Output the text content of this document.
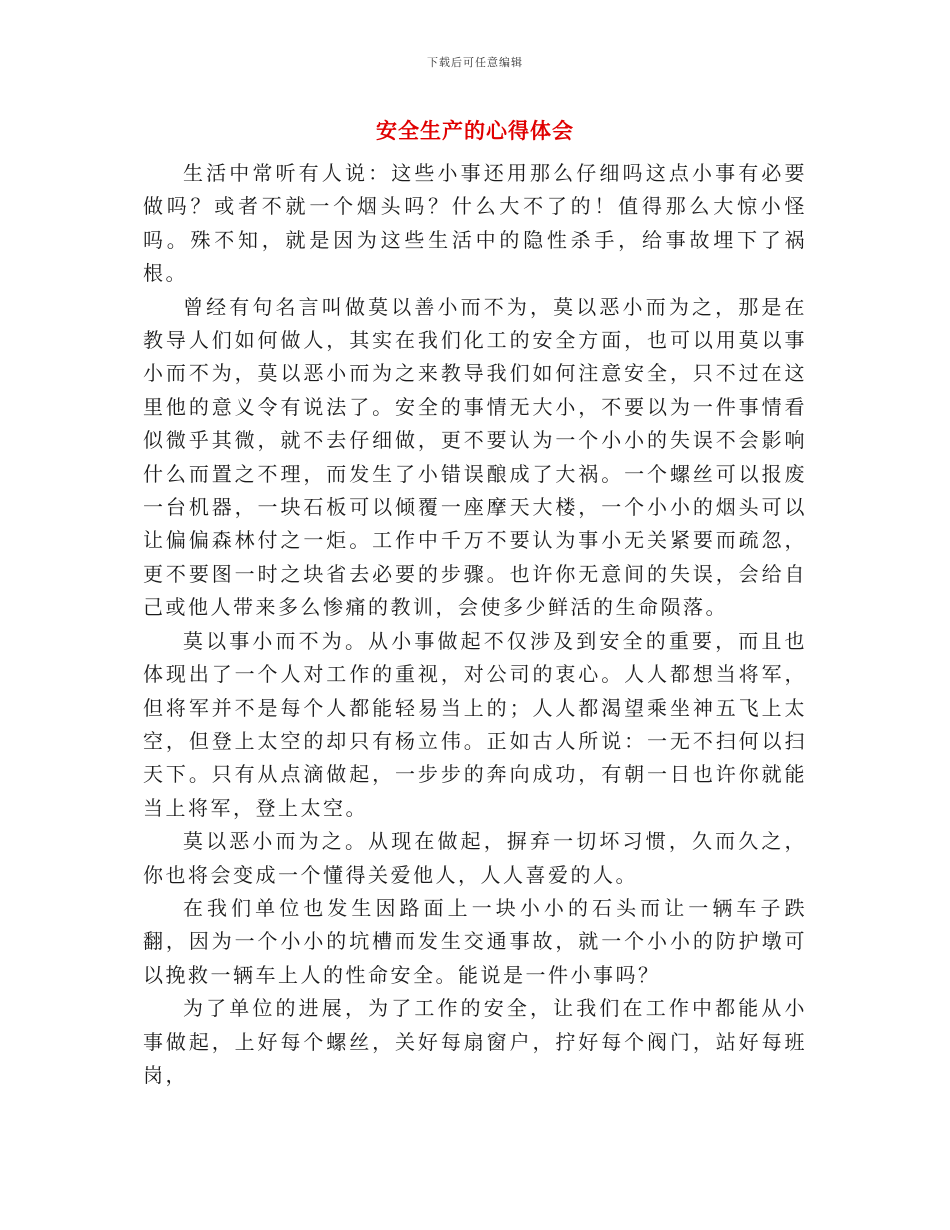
下载后可任意编辑
安全生产的心得体会

生活中常听有人说：这些小事还用那么仔细吗这点小事有必要做吗？或者不就一个烟头吗？什么大不了的！值得那么大惊小怪吗。殊不知，就是因为这些生活中的隐性杀手，给事故埋下了祸根。

曾经有句名言叫做莫以善小而不为，莫以恶小而为之，那是在教导人们如何做人，其实在我们化工的安全方面，也可以用莫以事小而不为，莫以恶小而为之来教导我们如何注意安全，只不过在这里他的意义令有说法了。安全的事情无大小，不要以为一件事情看似微乎其微，就不去仔细做，更不要认为一个小小的失误不会影响什么而置之不理，而发生了小错误酿成了大祸。一个螺丝可以报废一台机器，一块石板可以倾覆一座摩天大楼，一个小小的烟头可以让偏偏森林付之一炬。工作中千万不要认为事小无关紧要而疏忽，更不要图一时之块省去必要的步骤。也许你无意间的失误，会给自己或他人带来多么惨痛的教训，会使多少鲜活的生命陨落。

莫以事小而不为。从小事做起不仅涉及到安全的重要，而且也体现出了一个人对工作的重视，对公司的衷心。人人都想当将军，但将军并不是每个人都能轻易当上的；人人都渴望乘坐神五飞上太空，但登上太空的却只有杨立伟。正如古人所说：一无不扫何以扫天下。只有从点滴做起，一步步的奔向成功，有朝一日也许你就能当上将军，登上太空。

莫以恶小而为之。从现在做起，摒弃一切坏习惯，久而久之，你也将会变成一个懂得关爱他人，人人喜爱的人。

在我们单位也发生因路面上一块小小的石头而让一辆车子跌翻，因为一个小小的坑槽而发生交通事故，就一个小小的防护墩可以挽救一辆车上人的性命安全。能说是一件小事吗？

为了单位的进展，为了工作的安全，让我们在工作中都能从小事做起，上好每个螺丝，关好每扇窗户，拧好每个阀门，站好每班岗，
